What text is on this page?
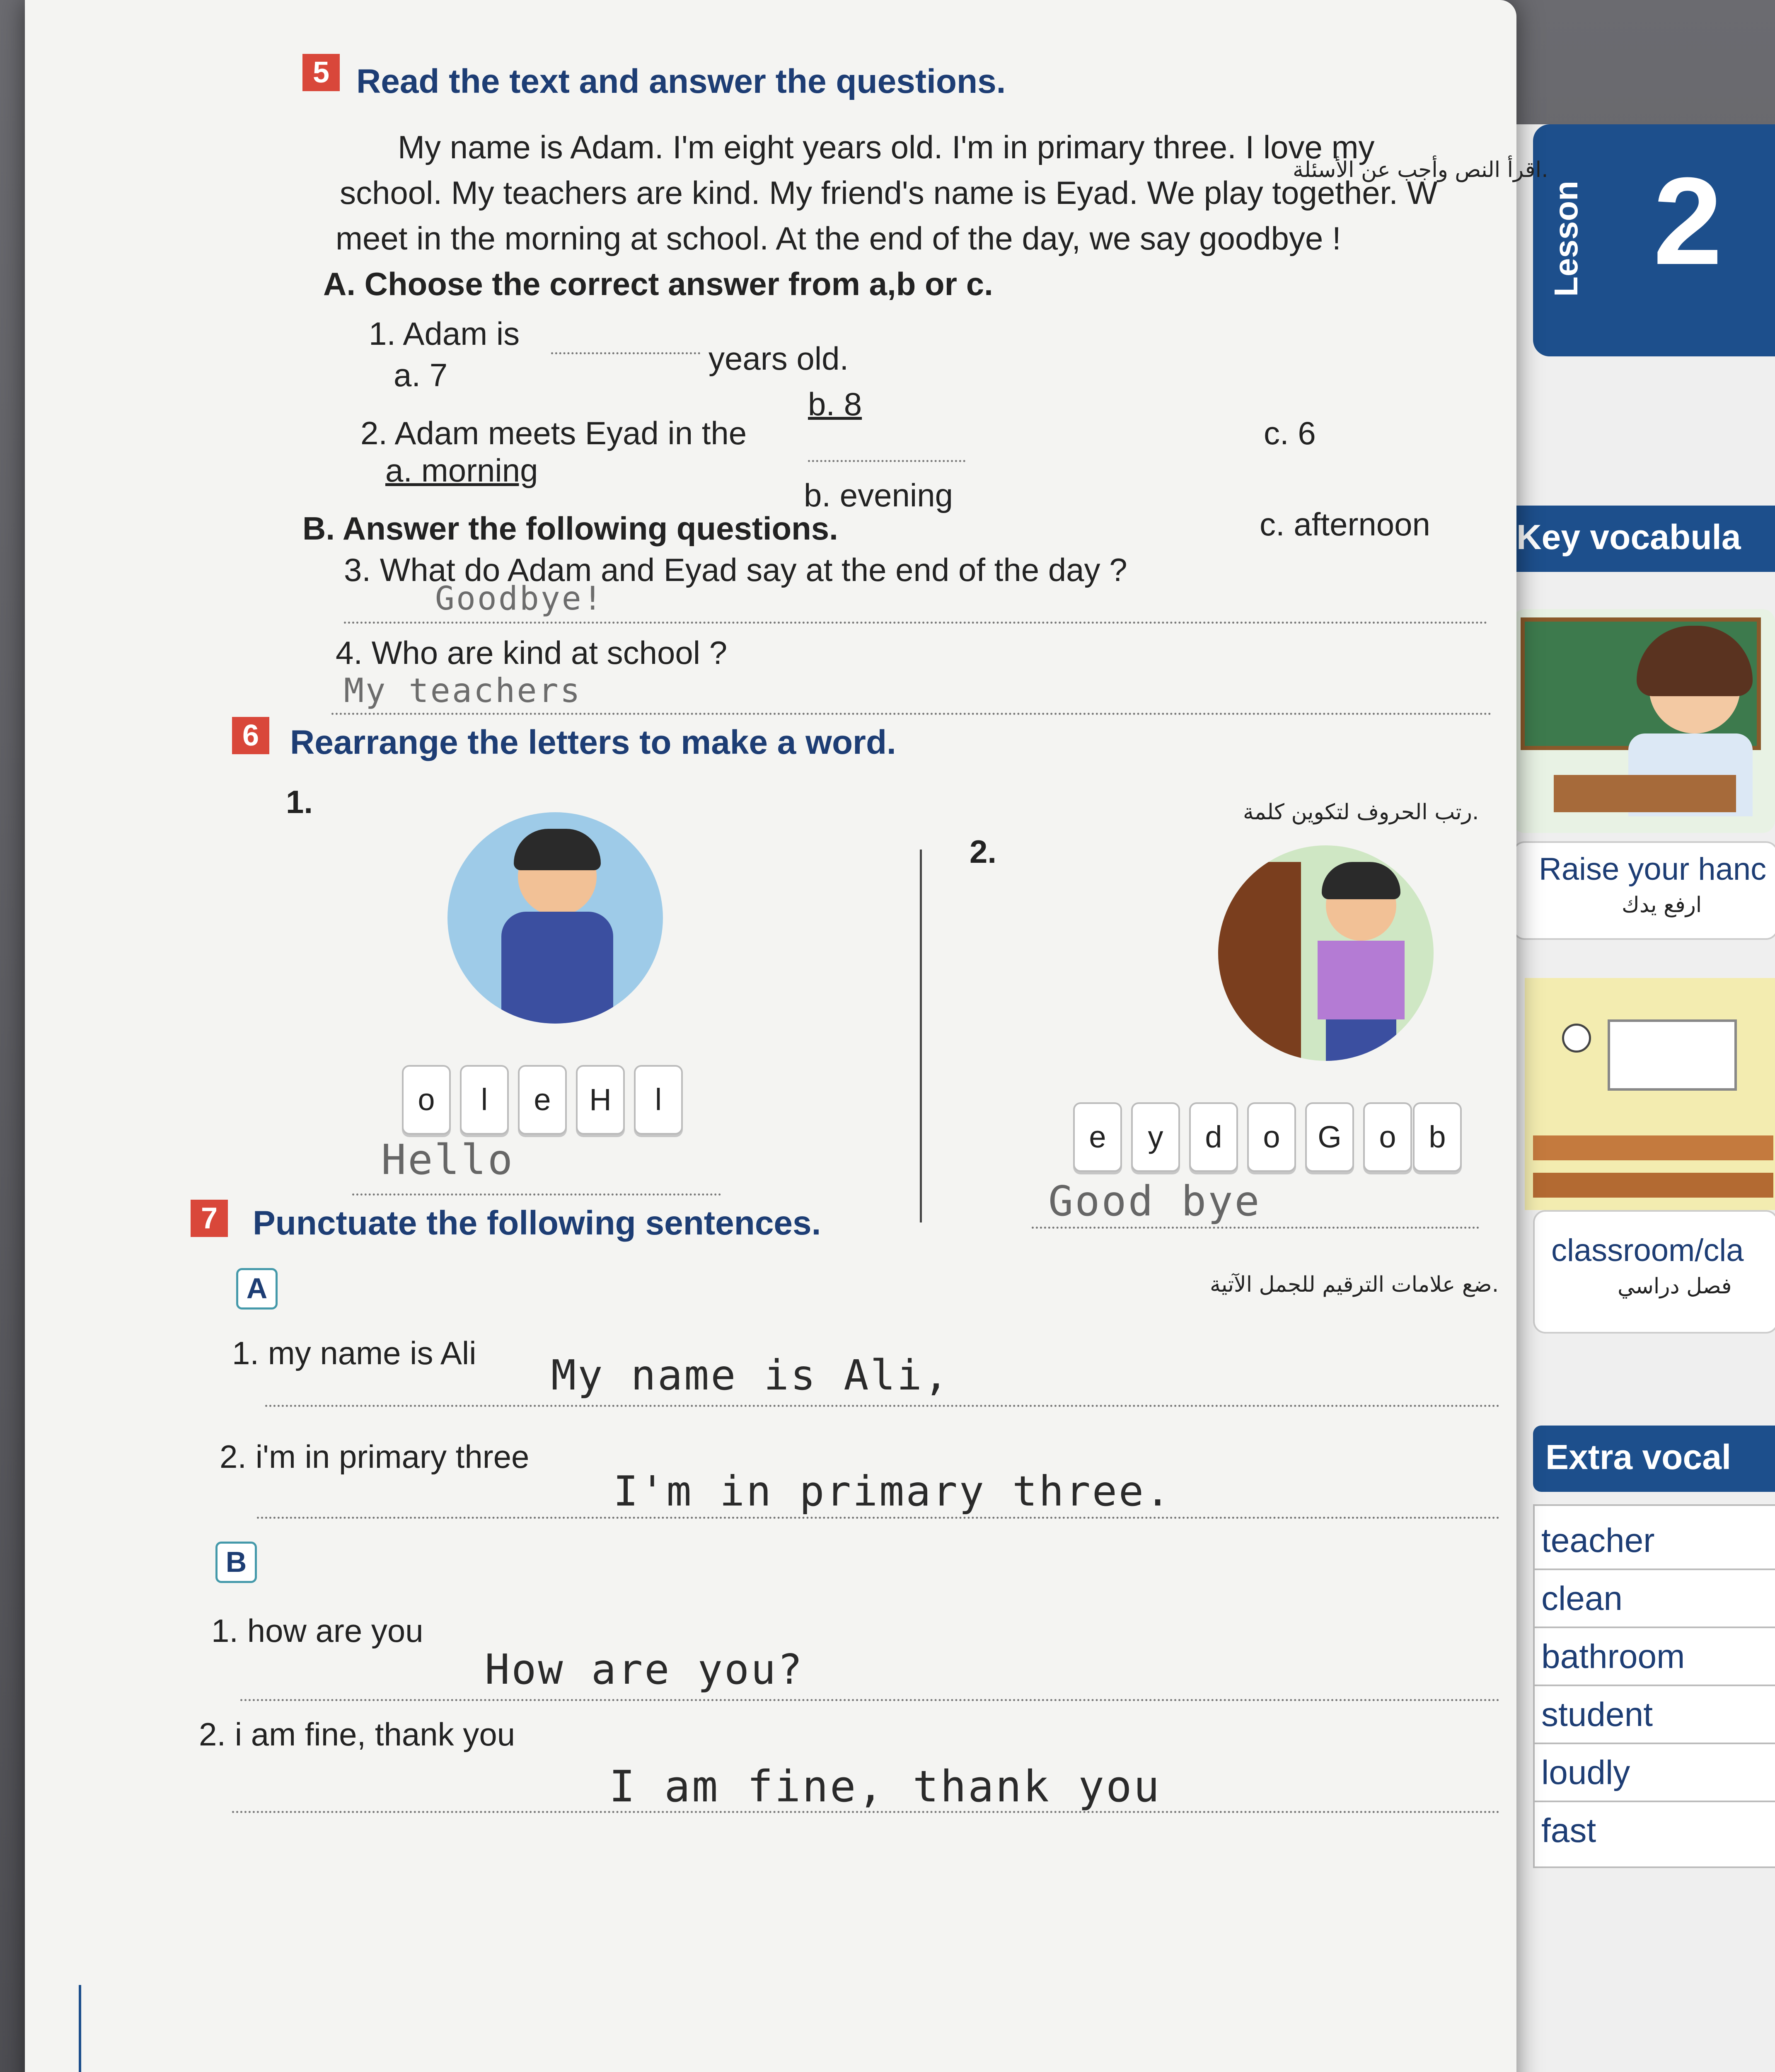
Lesson 2
Key vocabula
Raise your hanc
ارفع يدك
classroom/cla
فصل دراسي
Extra vocal
teacher
clean
bathroom
student
loudly
fast
5 Read the text and answer the questions.
اقرأ النص وأجب عن الأسئلة.
My name is Adam. I'm eight years old. I'm in primary three. I love my
school. My teachers are kind. My friend's name is Eyad. We play together. W
meet in the morning at school. At the end of the day, we say goodbye !
A. Choose the correct answer from a,b or c.
1. Adam is
years old.
a. 7
b. 8
c. 6
2. Adam meets Eyad in the
a. morning
b. evening
c. afternoon
B. Answer the following questions.
3. What do Adam and Eyad say at the end of the day ?
Goodbye!
4. Who are kind at school ?
My teachers
6 Rearrange the letters to make a word.
رتب الحروف لتكوين كلمة.
1.
o	l	e	H	l
Hello
2.
e	y	d	o	G	o	b
Good bye
7	Punctuate the following sentences.
ضع علامات الترقيم للجمل الآتية.
A
1. my name is Ali My name is Ali,
2. i'm in primary three
I'm in primary three.
B
1. how are you
How are you?
2. i am fine, thank you
I am fine, thank you
